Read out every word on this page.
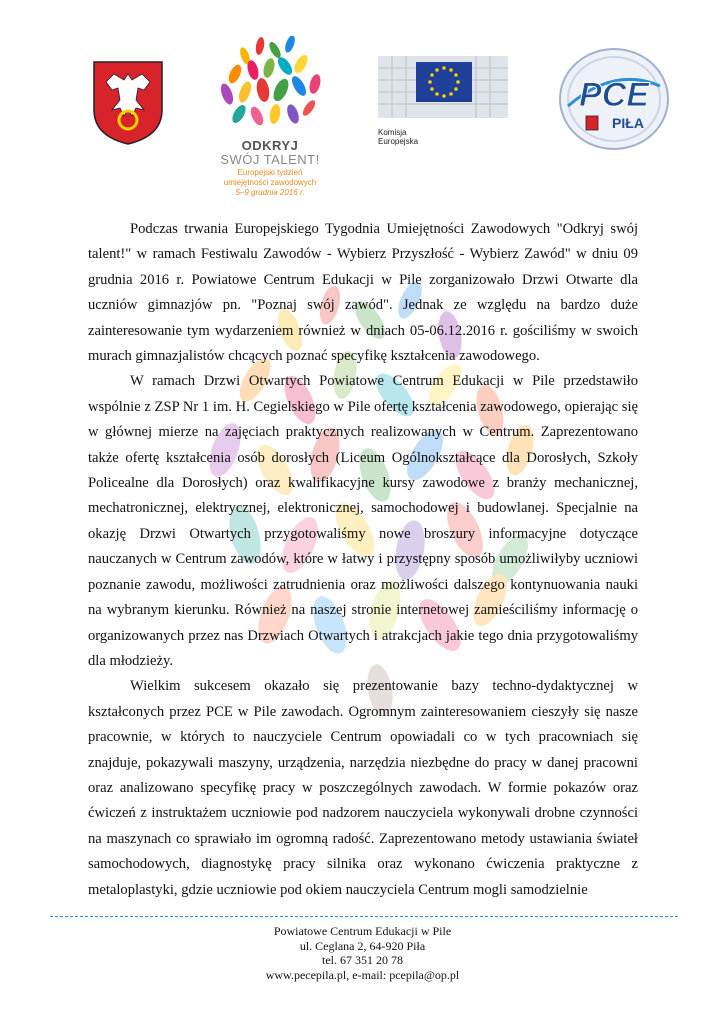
ODKRYJ
SWÓJ TALENT!
Europejski tydzień
umiejętności zawodowych
5–9 grudnia 2016 r.
Komisja
Europejska
PCE
PIŁA

Podczas trwania Europejskiego Tygodnia Umiejętności Zawodowych "Odkryj swój talent!" w ramach Festiwalu Zawodów - Wybierz Przyszłość - Wybierz Zawód" w dniu 09 grudnia 2016 r. Powiatowe Centrum Edukacji w Pile zorganizowało Drzwi Otwarte dla uczniów gimnazjów pn. "Poznaj swój zawód". Jednak ze względu na bardzo duże zainteresowanie tym wydarzeniem również w dniach 05-06.12.2016 r. gościliśmy w swoich murach gimnazjalistów chcących poznać specyfikę kształcenia zawodowego.

W ramach Drzwi Otwartych Powiatowe Centrum Edukacji w Pile przedstawiło wspólnie z ZSP Nr 1 im. H. Cegielskiego w Pile ofertę kształcenia zawodowego, opierając się w głównej mierze na zajęciach praktycznych realizowanych w Centrum. Zaprezentowano także ofertę kształcenia osób dorosłych (Liceum Ogólnokształcące dla Dorosłych, Szkoły Policealne dla Dorosłych) oraz kwalifikacyjne kursy zawodowe z branży mechanicznej, mechatronicznej, elektrycznej, elektronicznej, samochodowej i budowlanej. Specjalnie na okazję Drzwi Otwartych przygotowaliśmy nowe broszury informacyjne dotyczące nauczanych w Centrum zawodów, które w łatwy i przystępny sposób umożliwiłyby uczniowi poznanie zawodu, możliwości zatrudnienia oraz możliwości dalszego kontynuowania nauki na wybranym kierunku. Również na naszej stronie internetowej zamieściliśmy informację o organizowanych przez nas Drzwiach Otwartych i atrakcjach jakie tego dnia przygotowaliśmy dla młodzieży.

Wielkim sukcesem okazało się prezentowanie bazy techno-dydaktycznej w kształconych przez PCE w Pile zawodach. Ogromnym zainteresowaniem cieszyły się nasze pracownie, w których to nauczyciele Centrum opowiadali co w tych pracowniach się znajduje, pokazywali maszyny, urządzenia, narzędzia niezbędne do pracy w danej pracowni oraz analizowano specyfikę pracy w poszczególnych zawodach. W formie pokazów oraz ćwiczeń z instruktażem uczniowie pod nadzorem nauczyciela wykonywali drobne czynności na maszynach co sprawiało im ogromną radość. Zaprezentowano metody ustawiania świateł samochodowych, diagnostykę pracy silnika oraz wykonano ćwiczenia praktyczne z metaloplastyki, gdzie uczniowie pod okiem nauczyciela Centrum mogli samodzielnie

Powiatowe Centrum Edukacji w Pile
ul. Ceglana 2, 64-920 Piła
tel. 67 351 20 78
www.pecepila.pl, e-mail: pcepila@op.pl
